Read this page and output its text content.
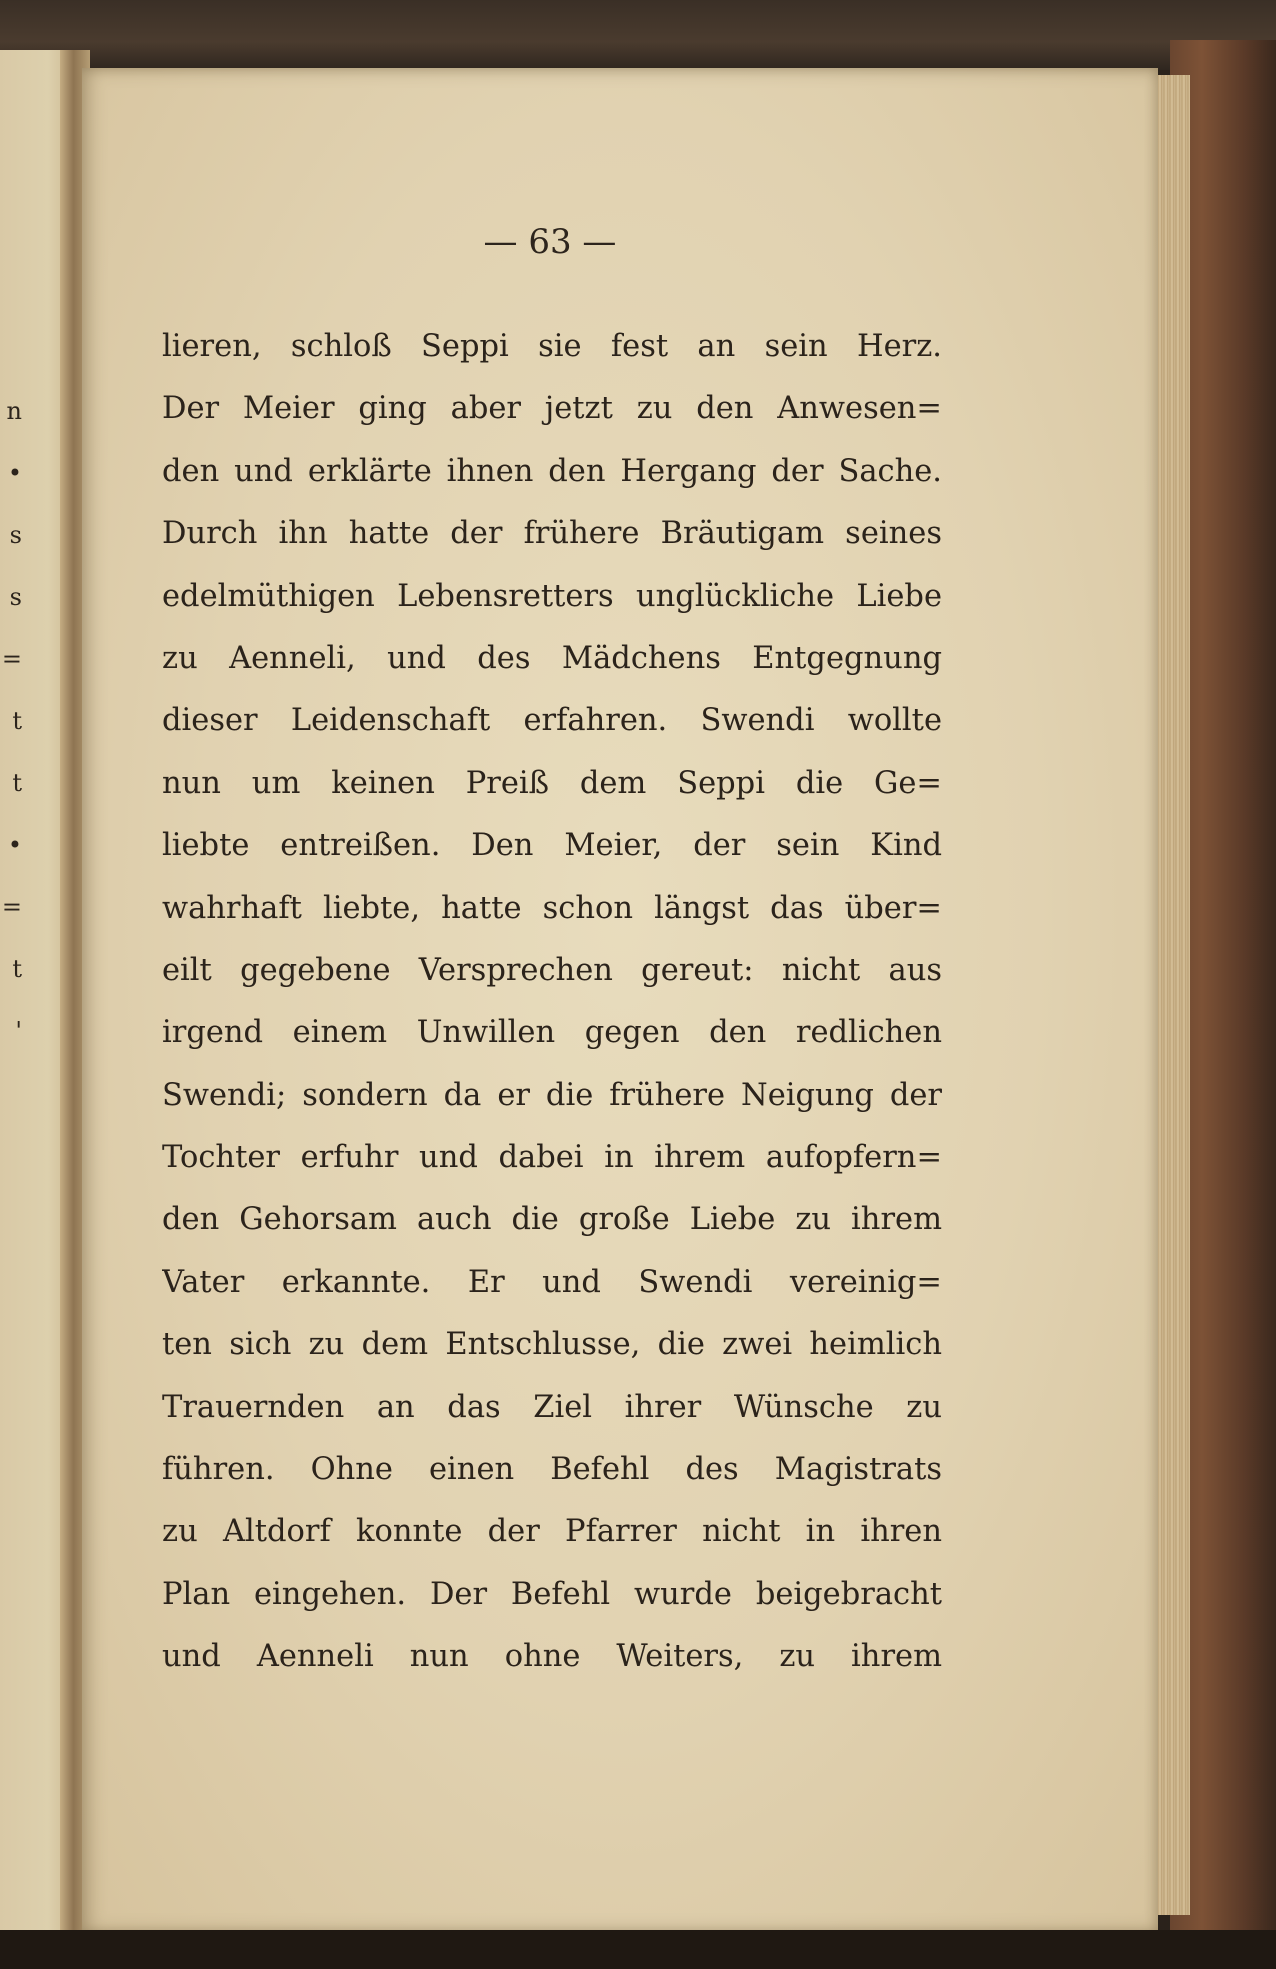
n
•
s
s
=
t
t
•
=
t
'
— 63 —
lieren, schloß Seppi sie fest an sein Herz.
Der Meier ging aber jetzt zu den Anwesen=
den und erklärte ihnen den Hergang der Sache.
Durch ihn hatte der frühere Bräutigam seines
edelmüthigen Lebensretters unglückliche Liebe
zu Aenneli, und des Mädchens Entgegnung
dieser Leidenschaft erfahren. Swendi wollte
nun um keinen Preiß dem Seppi die Ge=
liebte entreißen. Den Meier, der sein Kind
wahrhaft liebte, hatte schon längst das über=
eilt gegebene Versprechen gereut: nicht aus
irgend einem Unwillen gegen den redlichen
Swendi; sondern da er die frühere Neigung der
Tochter erfuhr und dabei in ihrem aufopfern=
den Gehorsam auch die große Liebe zu ihrem
Vater erkannte. Er und Swendi vereinig=
ten sich zu dem Entschlusse, die zwei heimlich
Trauernden an das Ziel ihrer Wünsche zu
führen. Ohne einen Befehl des Magistrats
zu Altdorf konnte der Pfarrer nicht in ihren
Plan eingehen. Der Befehl wurde beigebracht
und Aenneli nun ohne Weiters, zu ihrem
